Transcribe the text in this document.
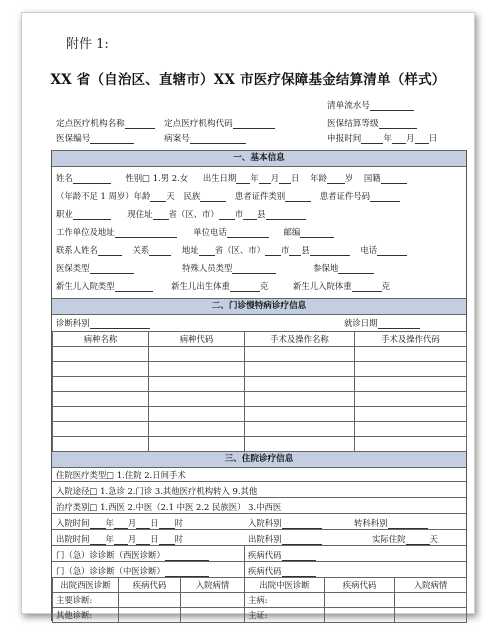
附件 1:
XX 省（自治区、直辖市）XX 市医疗保障基金结算清单（样式）
清单流水号
定点医疗机构名称	定点医疗机构代码	医保结算等级
医保编号	病案号	申报时间	年 月 日
一、基本信息
姓名	性别□ 1.男 2.女 出生日期 年 月 日 年龄 岁 国籍
（年龄不足 1 周岁）年龄 天 民族	患者证件类别	患者证件号码
职业	现住址 省（区、市） 市 县
工作单位及地址	单位电话	邮编
联系人姓名	关系	地址 省（区、市） 市 县	电话
医保类型	特殊人员类型	参保地
新生儿入院类型	新生儿出生体重	克	新生儿入院体重	克
二、门诊慢特病诊疗信息
诊断科别	就诊日期
病种名称	病种代码	手术及操作名称	手术及操作代码

三、住院诊疗信息
住院医疗类型□ 1.住院 2.日间手术
入院途径□ 1.急诊 2.门诊 3.其他医疗机构转入 9.其他
治疗类别□ 1.西医 2.中医（2.1 中医 2.2 民族医） 3.中西医
入院时间 年 月 日 时	入院科别	转科科别
出院时间 年 月 日 时	出院科别	实际住院	天
门（急）诊诊断（西医诊断）	疾病代码
门（急）诊诊断（中医诊断）	疾病代码
出院西医诊断	疾病代码	入院病情	出院中医诊断	疾病代码	入院病情
主要诊断:			主病:		
其他诊断:			主证:		
